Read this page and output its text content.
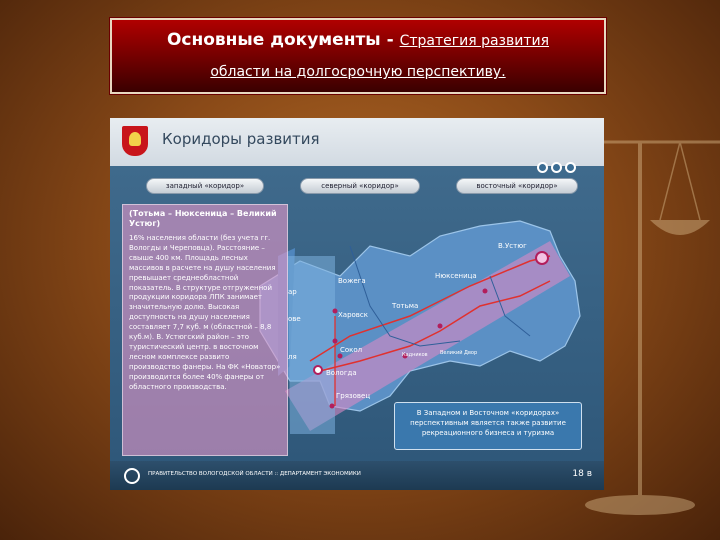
Основные документы - Стратегия развития
области на долгосрочную перспективу.
Коридоры развития
В.Устюг
Нюксеница
Вожега
Харовск
Тотьма
Сокол
Вологда
Грязовец
Кадников Великий Двор
ар
ове
ля
западный «коридор»	северный «коридор»	восточный «коридор»
(Тотьма – Нюксеница – Великий Устюг)
16% населения области (без учета гг. Вологды и Череповца). Расстояние – свыше 400 км. Площадь лесных массивов в расчете на душу населения превышает среднеобластной показатель. В структуре отгруженной продукции коридора ЛПК занимает значительную долю. Высокая доступность на душу населения составляет 7,7 куб. м (областной – 8,8 куб.м). В. Устюгский район – это туристический центр. в восточном лесном комплексе развито производство фанеры. На ФК «Новатор» производится более 40% фанеры от областного производства.
В Западном и Восточном «коридорах» перспективным является также развитие рекреационного бизнеса и туризма
ПРАВИТЕЛЬСТВО ВОЛОГОДСКОЙ ОБЛАСТИ :: ДЕПАРТАМЕНТ ЭКОНОМИКИ	18 в
